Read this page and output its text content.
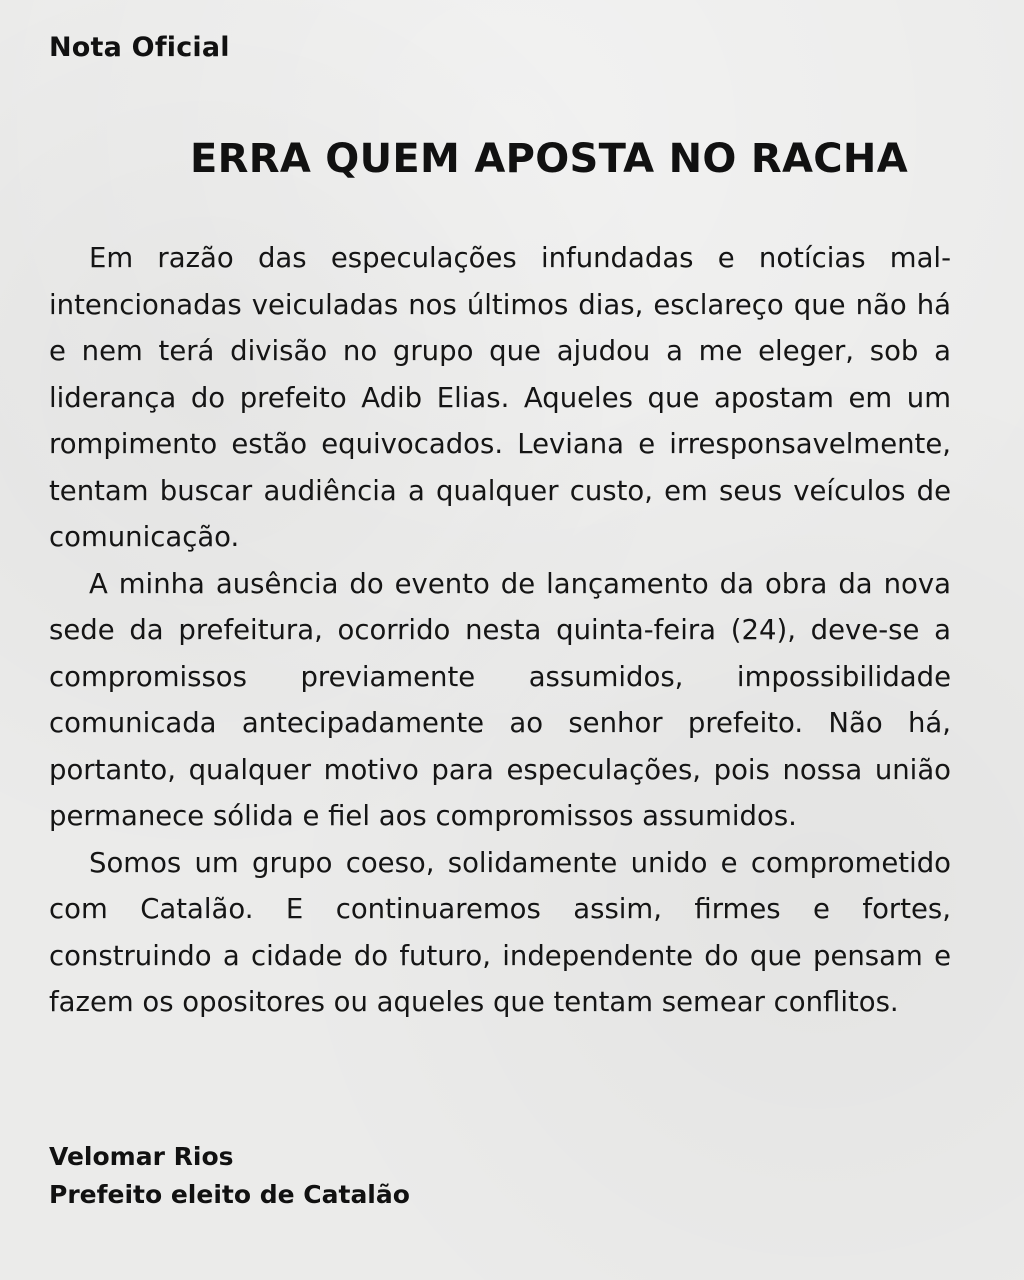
Nota Oficial
ERRA QUEM APOSTA NO RACHA

Em razão das especulações infundadas e notícias mal-intencionadas veiculadas nos últimos dias, esclareço que não há e nem terá divisão no grupo que ajudou a me eleger, sob a liderança do prefeito Adib Elias. Aqueles que apostam em um rompimento estão equivocados. Leviana e irresponsavelmente, tentam buscar audiência a qualquer custo, em seus veículos de comunicação.

A minha ausência do evento de lançamento da obra da nova sede da prefeitura, ocorrido nesta quinta-feira (24), deve-se a compromissos previamente assumidos, impossibilidade comunicada antecipadamente ao senhor prefeito. Não há, portanto, qualquer motivo para especulações, pois nossa união permanece sólida e fiel aos compromissos assumidos.

Somos um grupo coeso, solidamente unido e comprometido com Catalão. E continuaremos assim, firmes e fortes, construindo a cidade do futuro, independente do que pensam e fazem os opositores ou aqueles que tentam semear conflitos.

Velomar Rios
Prefeito eleito de Catalão
